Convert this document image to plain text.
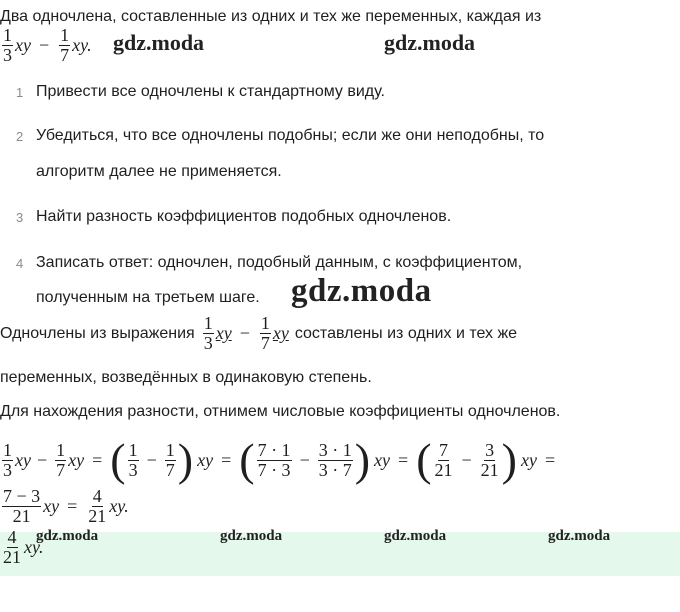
Два одночлена, составленные из одних и тех же переменных, каждая из
$\frac{1}{3}$ xy − $\frac{1}{7}$ xy. gdz.moda	gdz.moda
1 Привести все одночлены к стандартному виду.
2 Убедиться, что все одночлены подобны; если же они неподобны, то
алгоритм далее не применяется.
3 Найти разность коэффициентов подобных одночленов.
4 Записать ответ: одночлен, подобный данным, с коэффициентом,
полученным на третьем шаге. gdz.moda
Одночлены из выражения $\frac{1}{3}$ xy − $\frac{1}{7}$ xy составлены из одних и тех же
переменных, возведённых в одинаковую степень.
Для нахождения разности, отнимем числовые коэффициенты одночленов.
$\frac{1}{3}$ xy − $\frac{1}{7}$ xy = ( $\frac{1}{3} - \frac{1}{7}$ ) xy = ( $\frac{7 \cdot 1}{7 \cdot 3} - \frac{3 \cdot 1}{3 \cdot 7}$ ) xy = ( $\frac{7}{21} - \frac{3}{21}$ ) xy =
$\frac{7 - 3}{21}$ xy = $\frac{4}{21}$ xy.
$\frac{4}{21}$ xy.
gdz.moda	gdz.moda	gdz.moda	gdz.moda
